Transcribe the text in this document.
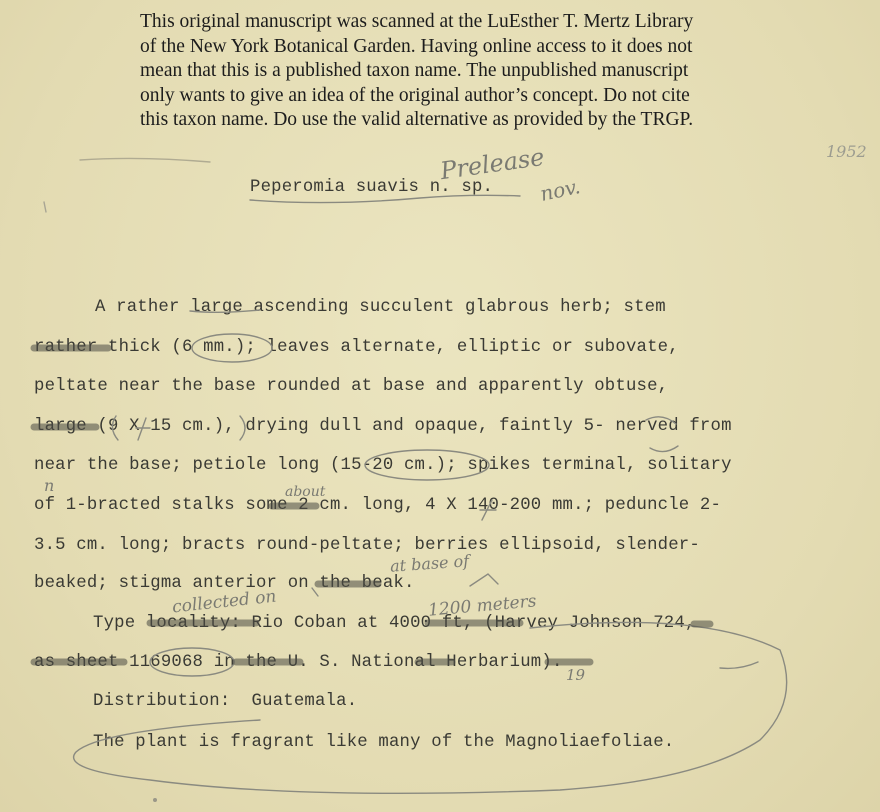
This original manuscript was scanned at the LuEsther T. Mertz Library

of the New York Botanical Garden. Having online access to it does not

mean that this is a published taxon name. The unpublished manuscript

only wants to give an idea of the original author’s concept. Do not cite

this taxon name. Do use the valid alternative as provided by the TRGP.

Peperomia suavis n. sp.
Prelease
nov.
1952
about
n
at base of
collected on	1200 meters
19
A rather large ascending succulent glabrous herb; stem
rather thick (6 mm.); leaves alternate, elliptic or subovate,
peltate near the base rounded at base and apparently obtuse,
large (9 X 15 cm.), drying dull and opaque, faintly 5- nerved from
near the base; petiole long (15-20 cm.); spikes terminal, solitary
of 1-bracted stalks some 2 cm. long, 4 X 140-200 mm.; peduncle 2-
3.5 cm. long; bracts round-peltate; berries ellipsoid, slender-
beaked; stigma anterior on the beak.
Type locality: Rio Coban at 4000 ft, (Harvey Johnson 724,
as sheet 1169068 in the U. S. National Herbarium).
Distribution:  Guatemala.
The plant is fragrant like many of the Magnoliaefoliae.
